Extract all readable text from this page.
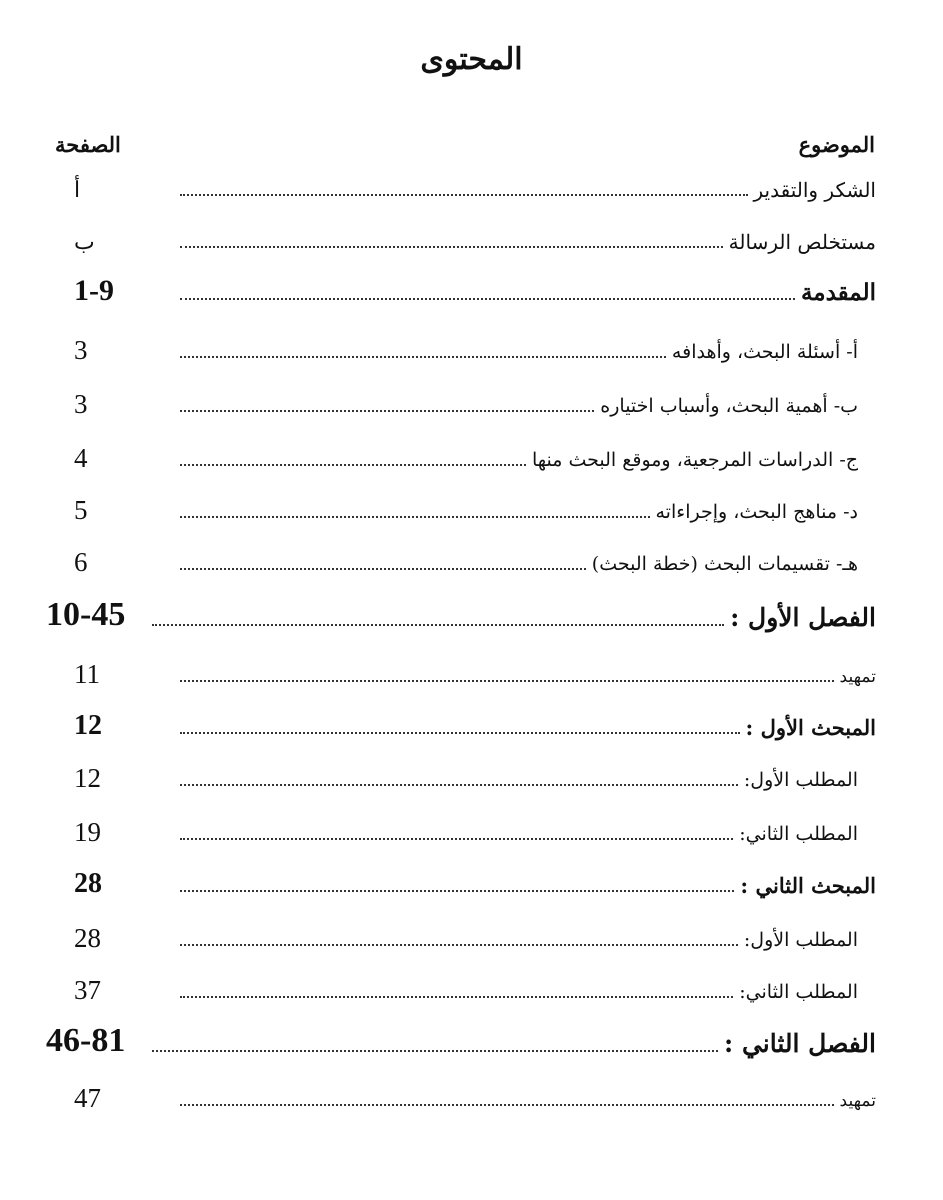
المحتوى
الصفحة	الموضوع
أ	الشكر والتقدير
ب	مستخلص الرسالة
1-9	المقدمة
3	أ- أسئلة البحث، وأهدافه
3	ب- أهمية البحث، وأسباب اختياره
4	ج- الدراسات المرجعية، وموقع البحث منها
5	د- مناهج البحث، وإجراءاته
6	هـ- تقسيمات البحث (خطة البحث)
10-45	الفصل الأول :
11	تمهيد
12	المبحث الأول :
12	المطلب الأول:
19	المطلب الثاني:
28	المبحث الثاني :
28	المطلب الأول:
37	المطلب الثاني:
46-81	الفصل الثاني :
47	تمهيد
